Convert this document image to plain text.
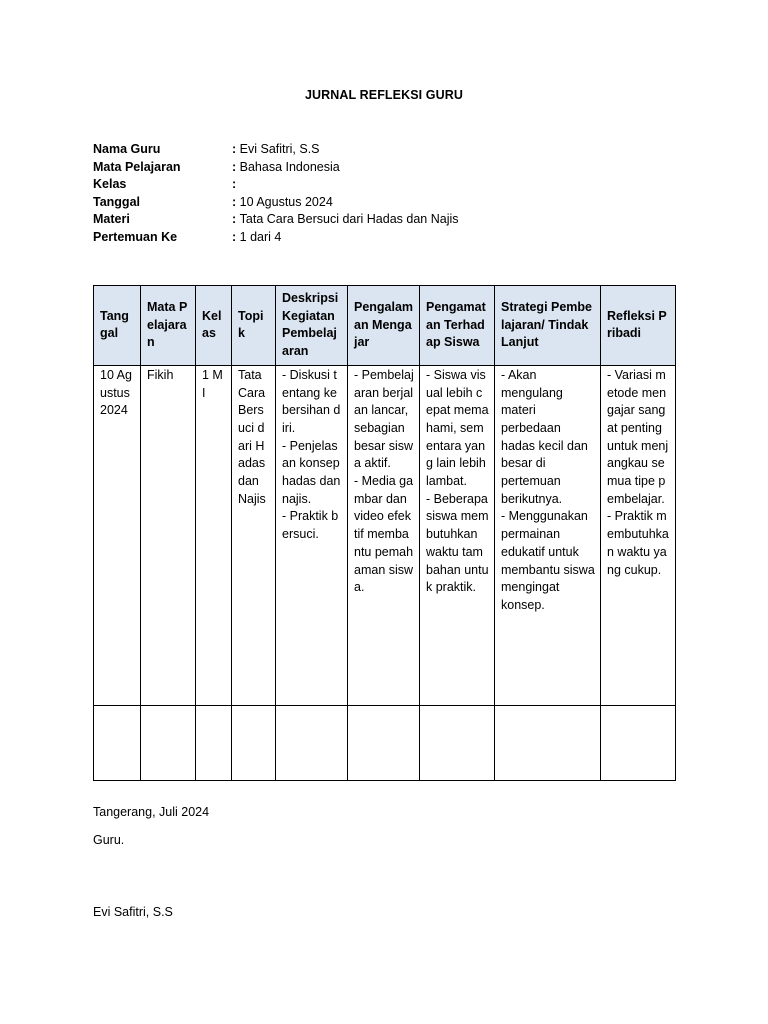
JURNAL REFLEKSI GURU
Nama Guru	: Evi Safitri, S.S
Mata Pelajaran	: Bahasa Indonesia
Kelas	:
Tanggal	: 10 Agustus 2024
Materi	: Tata Cara Bersuci dari Hadas dan Najis
Pertemuan Ke	: 1 dari 4
Tanggal	Mata Pelajaran	Kelas	Topik	Deskripsi Kegiatan Pembelajaran	Pengalaman Mengajar	Pengamatan Terhadap Siswa	Strategi Pembelajaran/ Tindak Lanjut	Refleksi Pribadi

10 Agustus 2024	Fikih	1 MI	Tata Cara Bersuci dari Hadas dan Najis	- Diskusi tentang kebersihan diri.
- Penjelasan konsep hadas dan najis.
- Praktik bersuci.	- Pembelajaran berjalan lancar, sebagian besar siswa aktif.
- Media gambar dan video efektif membantu pemahaman siswa.	- Siswa visual lebih cepat memahami, sementara yang lain lebih lambat.
- Beberapa siswa membutuhkan waktu tambahan untuk praktik.	- Akan mengulang materi perbedaan hadas kecil dan besar di pertemuan berikutnya.
- Menggunakan permainan edukatif untuk membantu siswa mengingat konsep.	- Variasi metode mengajar sangat penting untuk menjangkau semua tipe pembelajar.
- Praktik membutuhkan waktu yang cukup.

Tangerang, Juli 2024
Guru.
Evi Safitri, S.S
